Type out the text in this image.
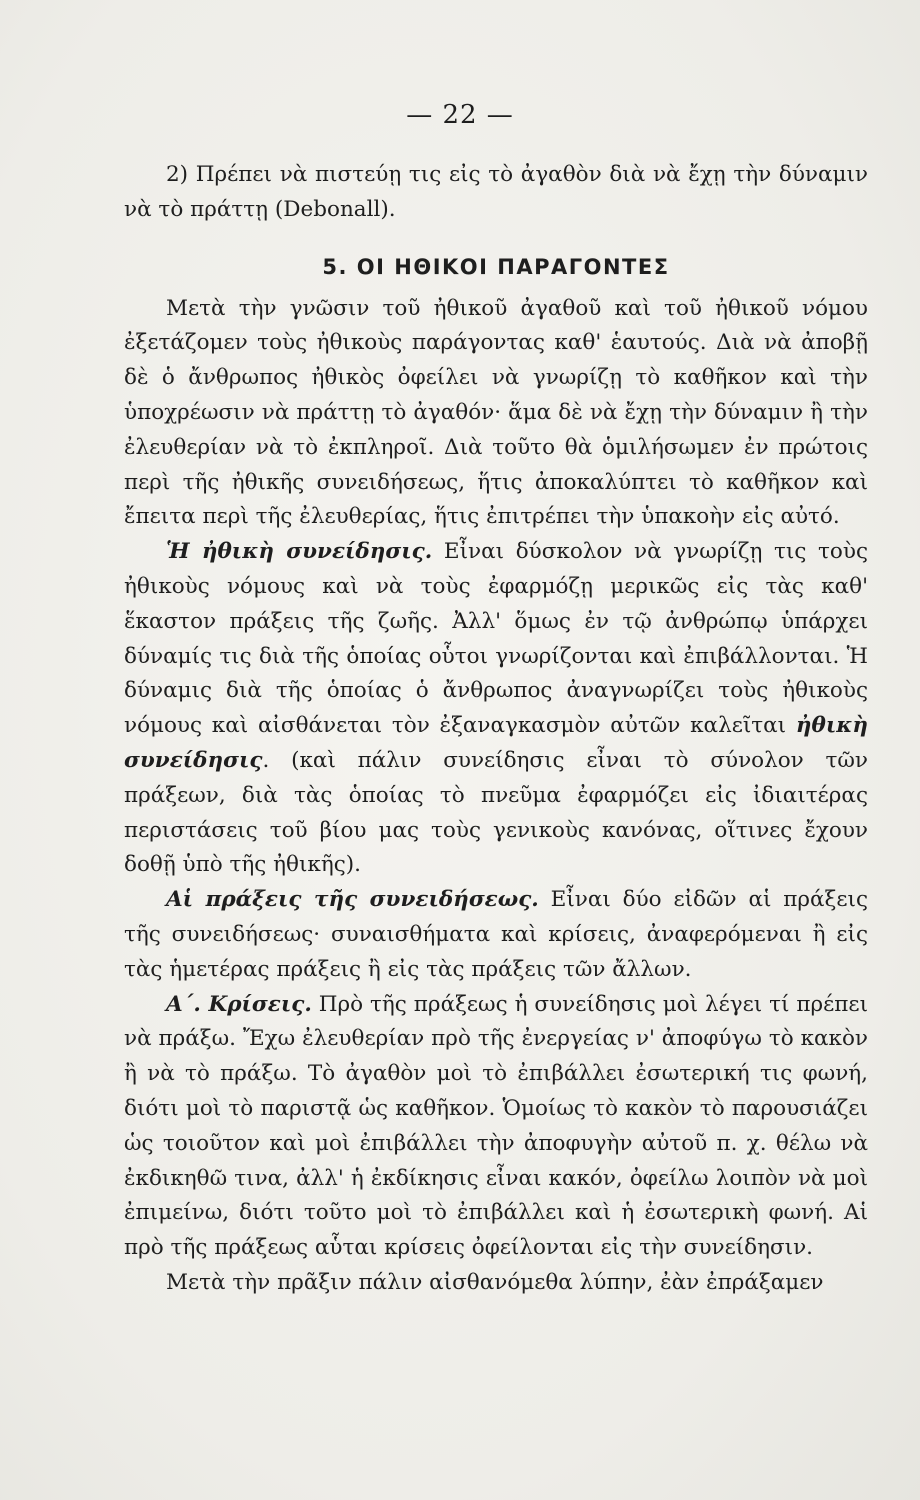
— 22 —

2) Πρέπει νὰ πιστεύῃ τις εἰς τὸ ἀγαθὸν διὰ νὰ ἔχῃ τὴν δύναμιν νὰ τὸ πράττῃ (Debonall).

5. ΟΙ ΗΘΙΚΟΙ ΠΑΡΑΓΟΝΤΕΣ

Μετὰ τὴν γνῶσιν τοῦ ἠθικοῦ ἀγαθοῦ καὶ τοῦ ἠθικοῦ νόμου ἐξετάζομεν τοὺς ἠθικοὺς παράγοντας καθ' ἑαυτούς. Διὰ νὰ ἀποβῇ δὲ ὁ ἄνθρωπος ἠθικὸς ὀφείλει νὰ γνωρίζῃ τὸ καθῆκον καὶ τὴν ὑποχρέωσιν νὰ πράττῃ τὸ ἀγαθόν· ἅμα δὲ νὰ ἔχῃ τὴν δύναμιν ἢ τὴν ἐλευθερίαν νὰ τὸ ἐκπληροῖ. Διὰ τοῦτο θὰ ὁμιλήσωμεν ἐν πρώτοις περὶ τῆς ἠθικῆς συνειδήσεως, ἥτις ἀποκαλύπτει τὸ καθῆκον καὶ ἔπειτα περὶ τῆς ἐλευθερίας, ἥτις ἐπιτρέπει τὴν ὑπακοὴν εἰς αὐτό.

Ἡ ἠθικὴ συνείδησις. Εἶναι δύσκολον νὰ γνωρίζῃ τις τοὺς ἠθικοὺς νόμους καὶ νὰ τοὺς ἐφαρμόζῃ μερικῶς εἰς τὰς καθ' ἕκαστον πράξεις τῆς ζωῆς. Ἀλλ' ὅμως ἐν τῷ ἀνθρώπῳ ὑπάρχει δύναμίς τις διὰ τῆς ὁποίας οὗτοι γνωρίζονται καὶ ἐπιβάλλονται. Ἡ δύναμις διὰ τῆς ὁποίας ὁ ἄνθρωπος ἀναγνωρίζει τοὺς ἠθικοὺς νόμους καὶ αἰσθάνεται τὸν ἐξαναγκασμὸν αὐτῶν καλεῖται ἠθικὴ συνείδησις. (καὶ πάλιν συνείδησις εἶναι τὸ σύνολον τῶν πράξεων, διὰ τὰς ὁποίας τὸ πνεῦμα ἐφαρμόζει εἰς ἰδιαιτέρας περιστάσεις τοῦ βίου μας τοὺς γενικοὺς κανόνας, οἵτινες ἔχουν δοθῇ ὑπὸ τῆς ἠθικῆς).

Αἱ πράξεις τῆς συνειδήσεως. Εἶναι δύο εἰδῶν αἱ πράξεις τῆς συνειδήσεως· συναισθήματα καὶ κρίσεις, ἀναφερόμεναι ἢ εἰς τὰς ἡμετέρας πράξεις ἢ εἰς τὰς πράξεις τῶν ἄλλων.

Α΄. Κρίσεις. Πρὸ τῆς πράξεως ἡ συνείδησις μοὶ λέγει τί πρέπει νὰ πράξω. Ἔχω ἐλευθερίαν πρὸ τῆς ἐνεργείας ν' ἀποφύγω τὸ κακὸν ἢ νὰ τὸ πράξω. Τὸ ἀγαθὸν μοὶ τὸ ἐπιβάλλει ἐσωτερική τις φωνή, διότι μοὶ τὸ παριστᾷ ὡς καθῆκον. Ὁμοίως τὸ κακὸν τὸ παρουσιάζει ὡς τοιοῦτον καὶ μοὶ ἐπιβάλλει τὴν ἀποφυγὴν αὐτοῦ π. χ. θέλω νὰ ἐκδικηθῶ τινα, ἀλλ' ἡ ἐκδίκησις εἶναι κακόν, ὀφείλω λοιπὸν νὰ μοὶ ἐπιμείνω, διότι τοῦτο μοὶ τὸ ἐπιβάλλει καὶ ἡ ἐσωτερικὴ φωνή. Αἱ πρὸ τῆς πράξεως αὗται κρίσεις ὀφείλονται εἰς τὴν συνείδησιν.

Μετὰ τὴν πρᾶξιν πάλιν αἰσθανόμεθα λύπην, ἐὰν ἐπράξαμεν
